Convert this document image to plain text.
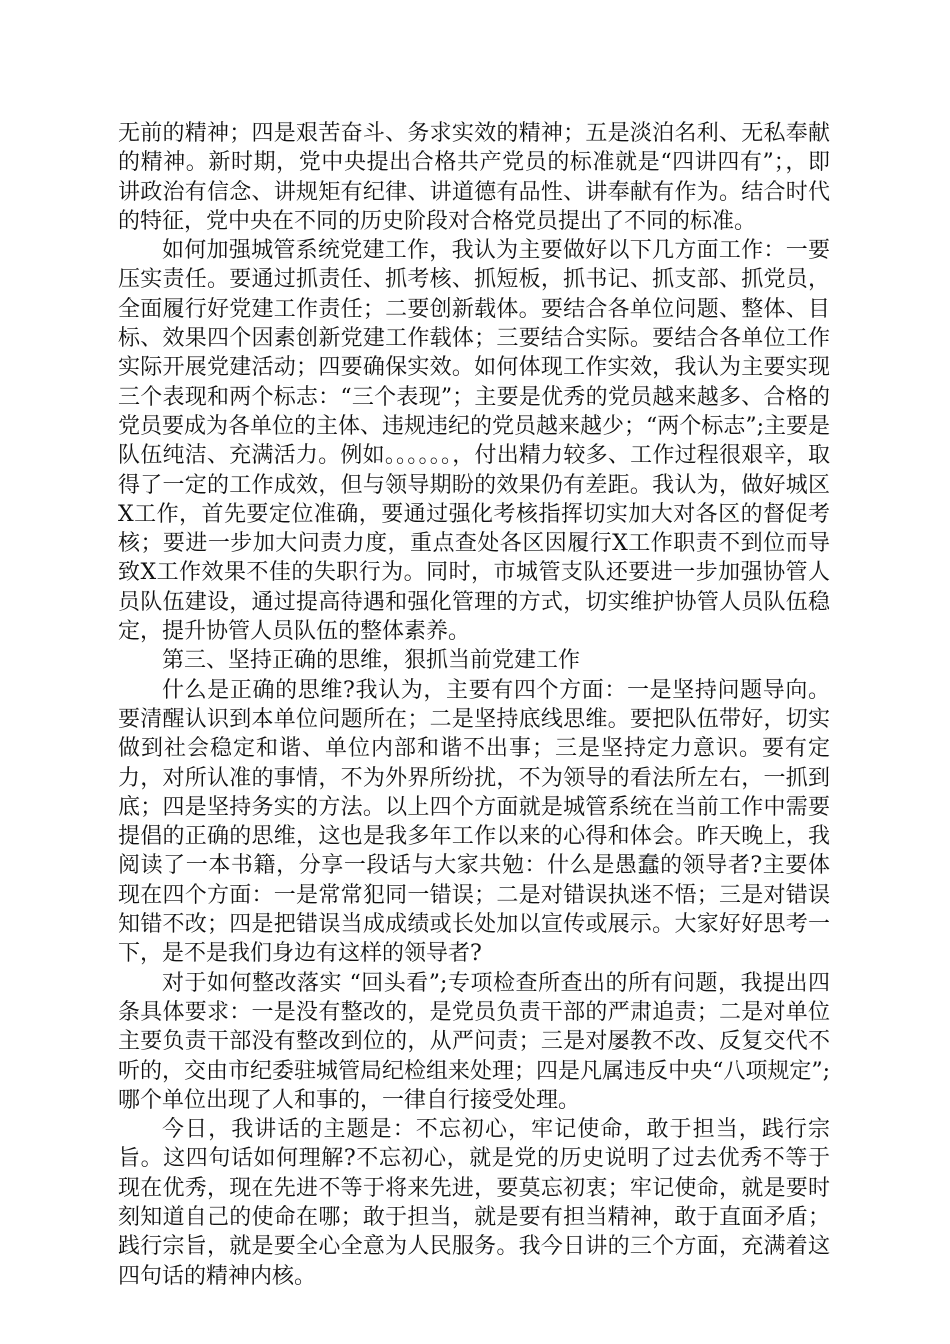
无前的精神；四是艰苦奋斗、务求实效的精神；五是淡泊名利、无私奉献的精神。新时期，党中央提出合格共产党员的标准就是“四讲四有”；，即讲政治有信念、讲规矩有纪律、讲道德有品性、讲奉献有作为。结合时代的特征，党中央在不同的历史阶段对合格党员提出了不同的标准。

如何加强城管系统党建工作，我认为主要做好以下几方面工作：一要压实责任。要通过抓责任、抓考核、抓短板，抓书记、抓支部、抓党员，全面履行好党建工作责任；二要创新载体。要结合各单位问题、整体、目标、效果四个因素创新党建工作载体；三要结合实际。要结合各单位工作实际开展党建活动；四要确保实效。如何体现工作实效，我认为主要实现三个表现和两个标志：“三个表现”；主要是优秀的党员越来越多、合格的党员要成为各单位的主体、违规违纪的党员越来越少；“两个标志”;主要是队伍纯洁、充满活力。例如。。。。。。，付出精力较多、工作过程很艰辛，取得了一定的工作成效，但与领导期盼的效果仍有差距。我认为，做好城区X工作，首先要定位准确，要通过强化考核指挥切实加大对各区的督促考核；要进一步加大问责力度，重点查处各区因履行X工作职责不到位而导致X工作效果不佳的失职行为。同时，市城管支队还要进一步加强协管人员队伍建设，通过提高待遇和强化管理的方式，切实维护协管人员队伍稳定，提升协管人员队伍的整体素养。

第三、坚持正确的思维，狠抓当前党建工作

什么是正确的思维?我认为，主要有四个方面：一是坚持问题导向。要清醒认识到本单位问题所在；二是坚持底线思维。要把队伍带好，切实做到社会稳定和谐、单位内部和谐不出事；三是坚持定力意识。要有定力，对所认准的事情，不为外界所纷扰，不为领导的看法所左右，一抓到底；四是坚持务实的方法。以上四个方面就是城管系统在当前工作中需要提倡的正确的思维，这也是我多年工作以来的心得和体会。昨天晚上，我阅读了一本书籍，分享一段话与大家共勉：什么是愚蠢的领导者?主要体现在四个方面：一是常常犯同一错误；二是对错误执迷不悟；三是对错误知错不改；四是把错误当成成绩或长处加以宣传或展示。大家好好思考一下，是不是我们身边有这样的领导者?

对于如何整改落实 “回头看”;专项检查所查出的所有问题，我提出四条具体要求：一是没有整改的，是党员负责干部的严肃追责；二是对单位主要负责干部没有整改到位的，从严问责；三是对屡教不改、反复交代不听的，交由市纪委驻城管局纪检组来处理；四是凡属违反中央“八项规定”;哪个单位出现了人和事的，一律自行接受处理。

今日，我讲话的主题是：不忘初心，牢记使命，敢于担当，践行宗旨。这四句话如何理解?不忘初心，就是党的历史说明了过去优秀不等于现在优秀，现在先进不等于将来先进，要莫忘初衷；牢记使命，就是要时刻知道自己的使命在哪；敢于担当，就是要有担当精神，敢于直面矛盾；践行宗旨，就是要全心全意为人民服务。我今日讲的三个方面，充满着这四句话的精神内核。
